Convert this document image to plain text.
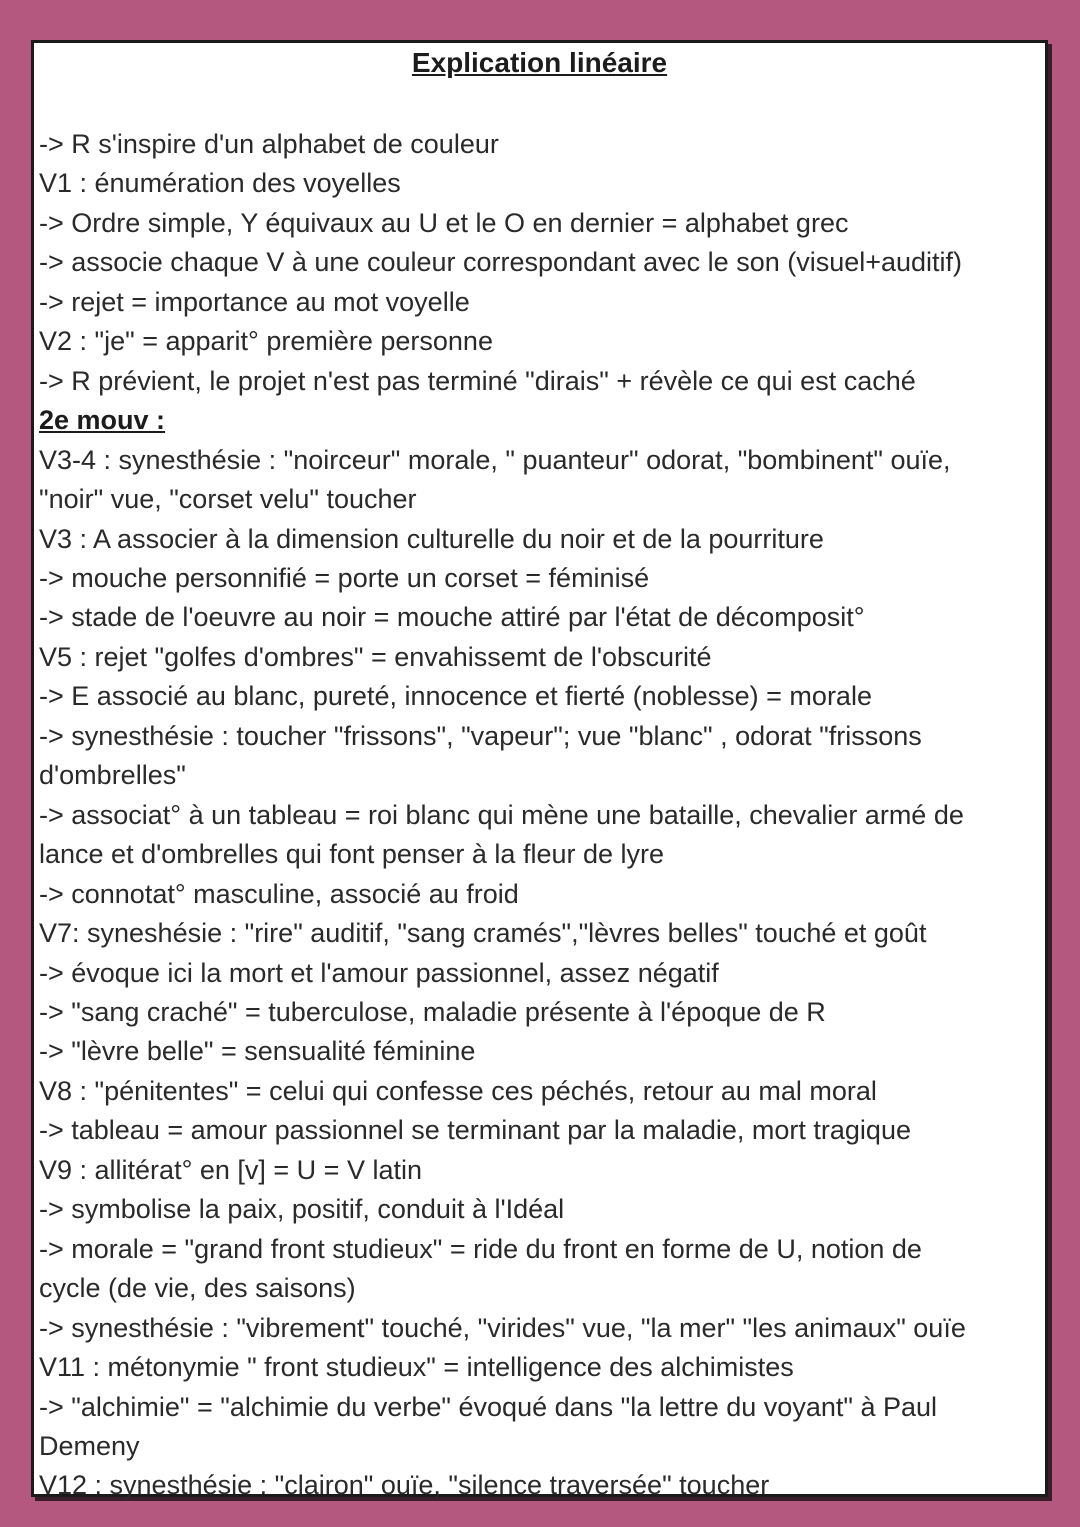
Explication linéaire
-> R s'inspire d'un alphabet de couleur
V1 : énumération des voyelles
-> Ordre simple, Y équivaux au U et le O en dernier = alphabet grec
-> associe chaque V à une couleur correspondant avec le son (visuel+auditif)
-> rejet = importance au mot voyelle
V2 : "je" = apparit° première personne
-> R prévient, le projet n'est pas terminé "dirais" + révèle ce qui est caché
2e mouv :
V3-4 : synesthésie : "noirceur" morale, " puanteur" odorat, "bombinent" ouïe,
"noir" vue, "corset velu" toucher
V3 : A associer à la dimension culturelle du noir et de la pourriture
-> mouche personnifié = porte un corset = féminisé
-> stade de l'oeuvre au noir = mouche attiré par l'état de décomposit°
V5 : rejet "golfes d'ombres" = envahissemt de l'obscurité
-> E associé au blanc, pureté, innocence et fierté (noblesse) = morale
-> synesthésie : toucher "frissons", "vapeur"; vue "blanc" , odorat "frissons
d'ombrelles"
-> associat° à un tableau = roi blanc qui mène une bataille, chevalier armé de
lance et d'ombrelles qui font penser à la fleur de lyre
-> connotat° masculine, associé au froid
V7: syneshésie : "rire" auditif, "sang cramés","lèvres belles" touché et goût
-> évoque ici la mort et l'amour passionnel, assez négatif
-> "sang craché" = tuberculose, maladie présente à l'époque de R
-> "lèvre belle" = sensualité féminine
V8 : "pénitentes" = celui qui confesse ces péchés, retour au mal moral
-> tableau = amour passionnel se terminant par la maladie, mort tragique
V9 : allitérat° en [v] = U = V latin
-> symbolise la paix, positif, conduit à l'Idéal
-> morale = "grand front studieux" = ride du front en forme de U, notion de
cycle (de vie, des saisons)
-> synesthésie : "vibrement" touché, "virides" vue, "la mer" "les animaux" ouïe
V11 : métonymie " front studieux" = intelligence des alchimistes
-> "alchimie" = "alchimie du verbe" évoqué dans "la lettre du voyant" à Paul
Demeny
V12 : synesthésie : "clairon" ouïe, "silence traversée" toucher
